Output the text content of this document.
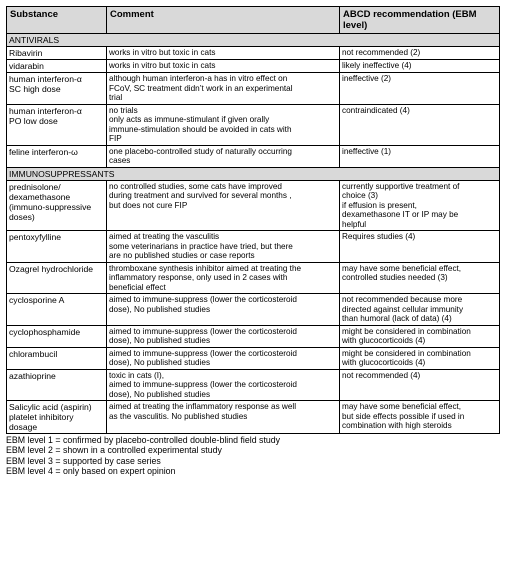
Substance	Comment	ABCD recommendation (EBM level)
ANTIVIRALS		

Ribavirin	works in vitro but toxic in cats	not recommended (2)

vidarabin	works in vitro but toxic in cats	likely ineffective (4)

human interferon-α
SC high dose	although human interferon-a has in vitro effect on
FCoV, SC treatment didn’t work in an experimental
trial	ineffective (2)

human interferon-α
PO low dose	no trials
only acts as immune-stimulant if given orally
immune-stimulation should be avoided in cats with
FIP	contraindicated (4)

feline interferon-ω	one placebo-controlled study of naturally occurring
cases	ineffective (1)

IMMUNOSUPPRESSANTS		

prednisolone/
dexamethasone
(immuno-suppressive
doses)	no controlled studies, some cats have improved
during treatment and survived for several months ,
but does not cure FIP	currently supportive treatment of
choice (3)
if effusion is present,
dexamethasone IT or IP may be
helpful

pentoxyfylline	aimed at treating the vasculitis
some veterinarians in practice have tried, but there
are no published studies or case reports	Requires studies (4)

Ozagrel hydrochloride	thromboxane synthesis inhibitor aimed at treating the
inflammatory response, only used in 2 cases with
beneficial effect	may have some beneficial effect,
controlled studies needed (3)

cyclosporine A	aimed to immune-suppress (lower the corticosteroid
dose), No published studies	not recommended because more
directed against cellular immunity
than humoral (lack of data) (4)

cyclophosphamide	aimed to immune-suppress (lower the corticosteroid
dose), No published studies	might be considered in combination
with glucocorticoids (4)

chlorambucil	aimed to immune-suppress (lower the corticosteroid
dose), No published studies	might be considered in combination
with glucocorticoids (4)

azathioprine	toxic in cats (I),
aimed to immune-suppress (lower the corticosteroid
dose), No published studies	not recommended (4)

Salicylic acid (aspirin)
platelet inhibitory
dosage	aimed at treating the inflammatory response as well
as the vasculitis. No published studies	may have some beneficial effect,
but side effects possible if used in
combination with high steroids
EBM level 1 = confirmed by placebo-controlled double-blind field study
EBM level 2 = shown in a controlled experimental study
EBM level 3 = supported by case series
EBM level 4 = only based on expert opinion
